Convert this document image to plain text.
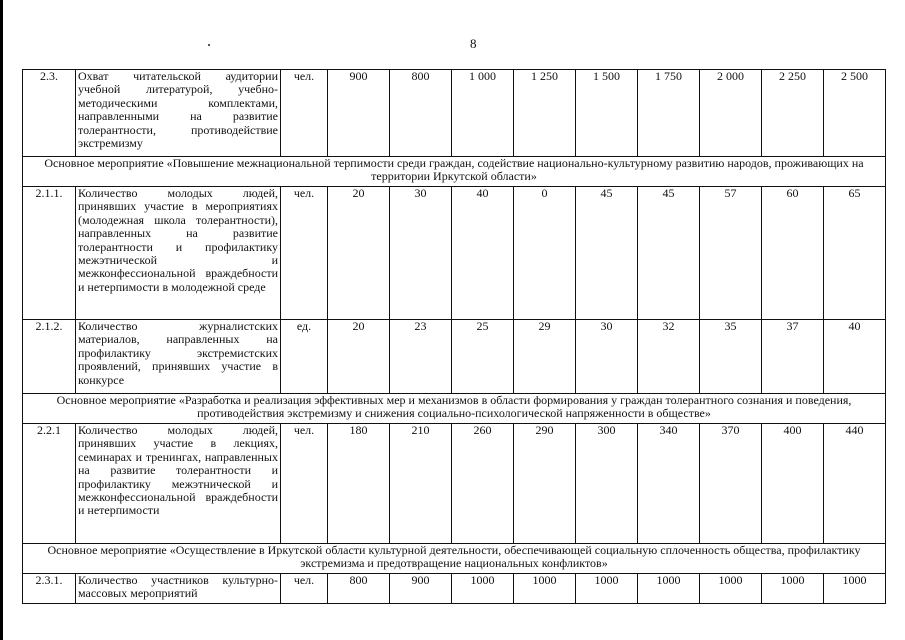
8
2.3.	Охват читательской аудитории учебной литературой, учебно-методическими комплектами, направленными на развитие толерантности, противодействие экстремизму	чел.	900	800	1 000	1 250	1 500	1 750	2 000	2 250	2 500
Основное мероприятие «Повышение межнациональной терпимости среди граждан, содействие национально-культурному развитию народов, проживающих на территории Иркутской области»											
2.1.1.	Количество молодых людей, принявших участие в мероприятиях (молодежная школа толерантности), направленных на развитие толерантности и профилактику межэтнической и межконфессиональной враждебности и нетерпимости в молодежной среде	чел.	20	30	40	0	45	45	57	60	65
2.1.2.	Количество журналистских материалов, направленных на профилактику экстремистских проявлений, принявших участие в конкурсе	ед.	20	23	25	29	30	32	35	37	40
Основное мероприятие «Разработка и реализация эффективных мер и механизмов в области формирования у граждан толерантного сознания и поведения, противодействия экстремизму и снижения социально-психологической напряженности в обществе»											
2.2.1	Количество молодых людей, принявших участие в лекциях, семинарах и тренингах, направленных на развитие толерантности и профилактику межэтнической и межконфессиональной враждебности и нетерпимости	чел.	180	210	260	290	300	340	370	400	440
Основное мероприятие «Осуществление в Иркутской области культурной деятельности, обеспечивающей социальную сплоченность общества, профилактику экстремизма и предотвращение национальных конфликтов»											
2.3.1.	Количество участников культурно-массовых мероприятий	чел.	800	900	1000	1000	1000	1000	1000	1000	1000
